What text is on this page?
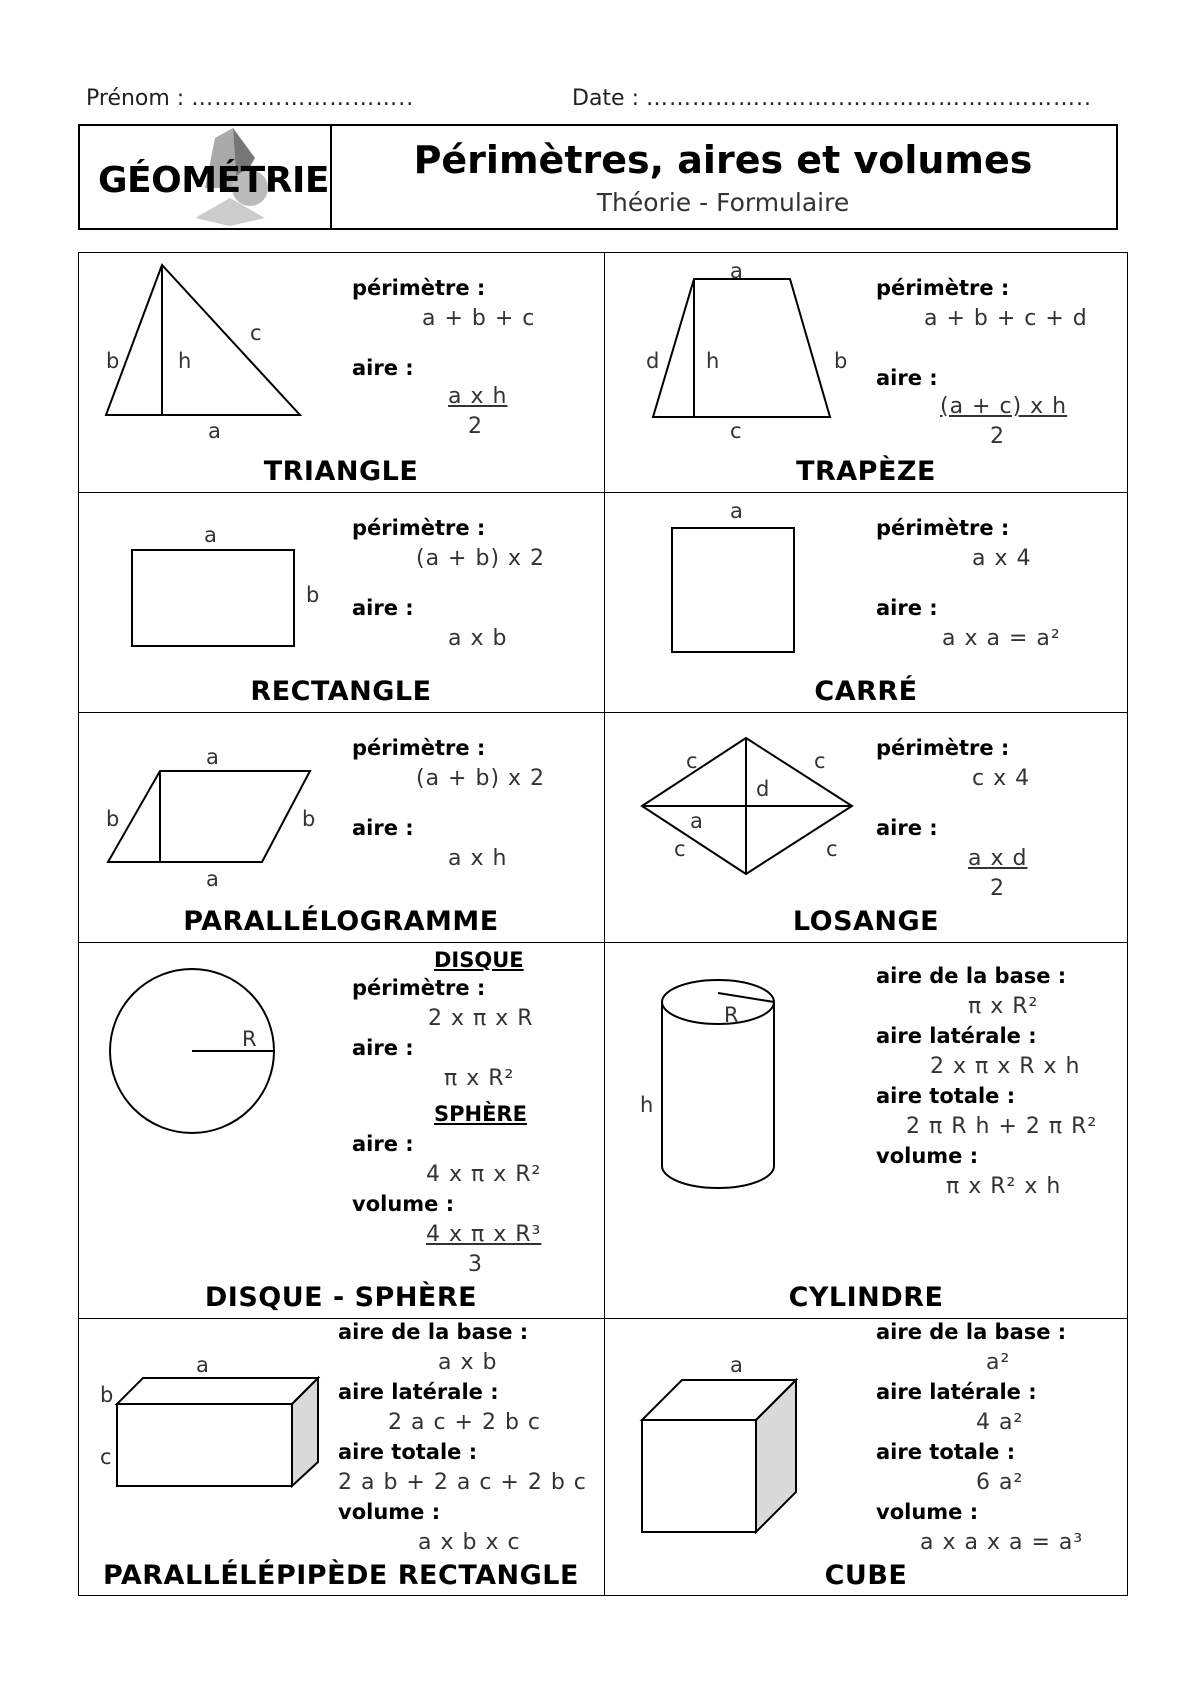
Prénom : ………………………..	Date : ……………………..…………………………..
GÉOMÉTRIE	Périmètres, aires et volumes
Théorie - Formulaire
a
b
c
h
a
b
c
d h
a
b
a
a
a
b	b
c	c
c	c
d
a
R
R
h
a
b
c
a
périmètre :
a + b + c
aire :
a x h
2
TRIANGLE
périmètre :
a + b + c + d
aire :
(a + c) x h
2
TRAPÈZE
périmètre :
(a + b) x 2
aire :
a x b
RECTANGLE
périmètre :
a x 4
aire :
a x a = a²
CARRÉ
périmètre :
(a + b) x 2
aire :
a x h
PARALLÉLOGRAMME
périmètre :
c x 4
aire :
a x d
2
LOSANGE
DISQUE
périmètre :
2 x π x R
aire :
π x R²
SPHÈRE
aire :
4 x π x R²
volume :
4 x π x R³
3
DISQUE - SPHÈRE
aire de la base :
π x R²
aire latérale :
2 x π x R x h
aire totale :
2 π R h + 2 π R²
volume :
π x R² x h
CYLINDRE
aire de la base :
a x b
aire latérale :
2 a c + 2 b c
aire totale :
2 a b + 2 a c + 2 b c
volume :
a x b x c
PARALLÉLÉPIPÈDE RECTANGLE
aire de la base :
a²
aire latérale :
4 a²
aire totale :
6 a²
volume :
a x a x a = a³
CUBE
